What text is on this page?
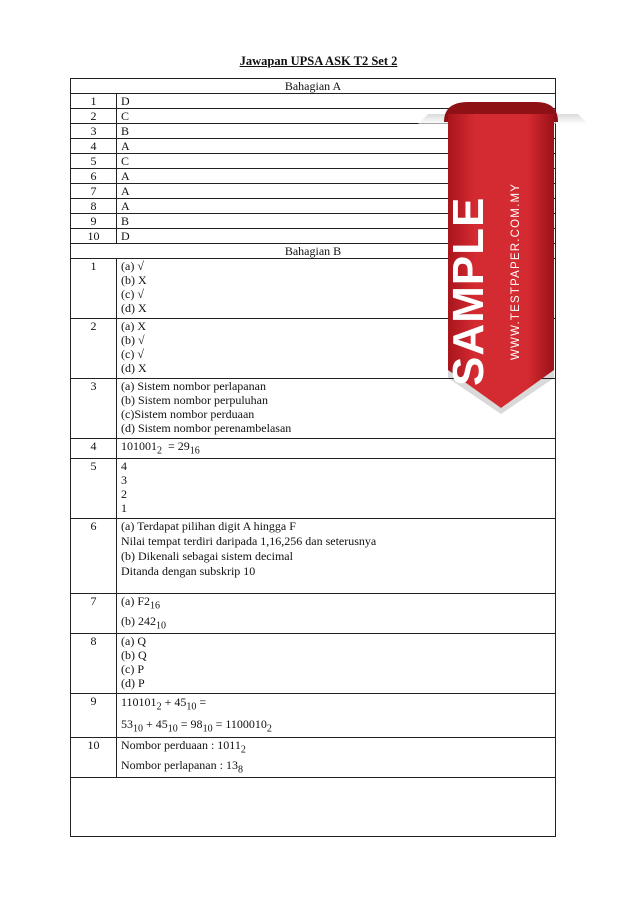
Jawapan UPSA ASK T2 Set 2
Bahagian A	
1	D
2	C
3	B
4	A
5	C
6	A
7	A
8	A
9	B
10	D
Bahagian B	
1	(a) √
(b) X
(c) √
(d) X

2	(a) X
(b) √
(c) √
(d) X

3	(a) Sistem nombor perlapanan
(b) Sistem nombor perpuluhan
(c)Sistem nombor perduaan
(d) Sistem nombor perenambelasan

4	$101001_2 = 29_{16}$
5	4
3
2
1

6	(a) Terdapat pilihan digit A hingga F
Nilai tempat terdiri daripada 1,16,256 dan seterusnya
(b) Dikenali sebagai sistem decimal
Ditanda dengan subskrip 10

7	(a) $F2_{16}$
(b) $242_{10}$

8	(a) Q
(b) Q
(c) P
(d) P

9	$110101_2 + 45_{10}$ =
$53_{10} + 45_{10} = 98_{10} = 1100010_2$

10	Nombor perduaan : $1011_2$
Nombor perlapanan : $13_8$

SAMPLE WWW.TESTPAPER.COM.MY
